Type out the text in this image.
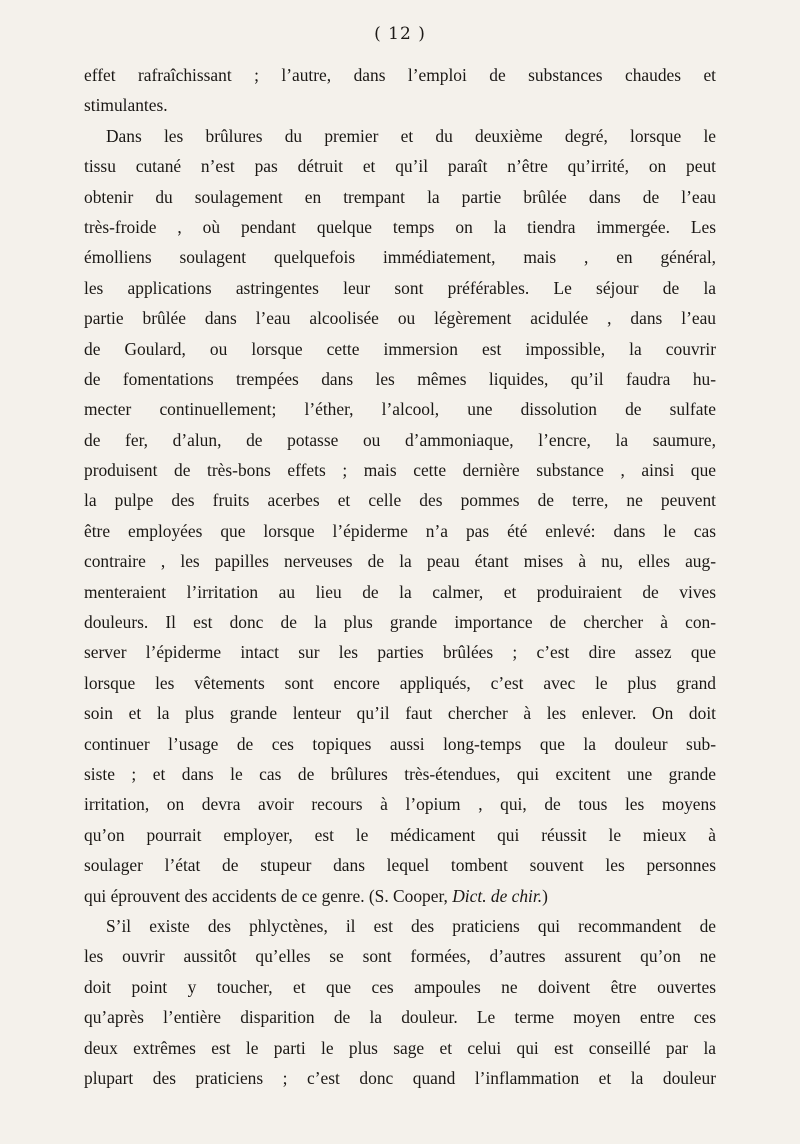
( 12 )
effet rafraîchissant ; l’autre, dans l’emploi de substances chaudes et
stimulantes.
Dans les brûlures du premier et du deuxième degré, lorsque le
tissu cutané n’est pas détruit et qu’il paraît n’être qu’irrité, on peut
obtenir du soulagement en trempant la partie brûlée dans de l’eau
très-froide , où pendant quelque temps on la tiendra immergée. Les
émolliens soulagent quelquefois immédiatement, mais , en général,
les applications astringentes leur sont préférables. Le séjour de la
partie brûlée dans l’eau alcoolisée ou légèrement acidulée , dans l’eau
de Goulard, ou lorsque cette immersion est impossible, la couvrir
de fomentations trempées dans les mêmes liquides, qu’il faudra hu-
mecter continuellement; l’éther, l’alcool, une dissolution de sulfate
de fer, d’alun, de potasse ou d’ammoniaque, l’encre, la saumure,
produisent de très-bons effets ; mais cette dernière substance , ainsi que
la pulpe des fruits acerbes et celle des pommes de terre, ne peuvent
être employées que lorsque l’épiderme n’a pas été enlevé: dans le cas
contraire , les papilles nerveuses de la peau étant mises à nu, elles aug-
menteraient l’irritation au lieu de la calmer, et produiraient de vives
douleurs. Il est donc de la plus grande importance de chercher à con-
server l’épiderme intact sur les parties brûlées ; c’est dire assez que
lorsque les vêtements sont encore appliqués, c’est avec le plus grand
soin et la plus grande lenteur qu’il faut chercher à les enlever. On doit
continuer l’usage de ces topiques aussi long-temps que la douleur sub-
siste ; et dans le cas de brûlures très-étendues, qui excitent une grande
irritation, on devra avoir recours à l’opium , qui, de tous les moyens
qu’on pourrait employer, est le médicament qui réussit le mieux à
soulager l’état de stupeur dans lequel tombent souvent les personnes
qui éprouvent des accidents de ce genre. (S. Cooper, Dict. de chir.)
S’il existe des phlyctènes, il est des praticiens qui recommandent de
les ouvrir aussitôt qu’elles se sont formées, d’autres assurent qu’on ne
doit point y toucher, et que ces ampoules ne doivent être ouvertes
qu’après l’entière disparition de la douleur. Le terme moyen entre ces
deux extrêmes est le parti le plus sage et celui qui est conseillé par la
plupart des praticiens ; c’est donc quand l’inflammation et la douleur
